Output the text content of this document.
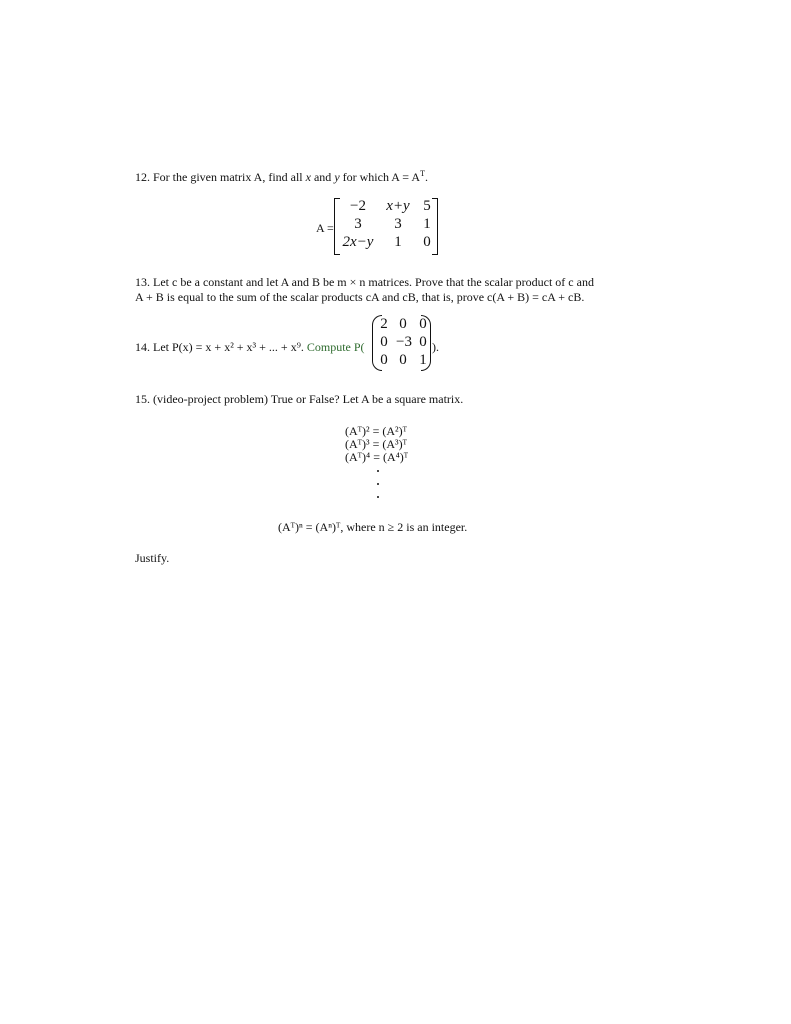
12. For the given matrix A, find all x and y for which $A = A^T$.
A =
−2	x+y 5
3	3	1
2x−y	1	0
13. Let c be a constant and let A and B be m × n matrices. Prove that the scalar product of c and
A + B is equal to the sum of the scalar products cA and cB, that is, prove c(A + B) = cA + cB.
14. Let P(x) = x + x² + x³ + ... + x⁹. Compute P(
2 0 0
0 −3 0
0 0 1
).
15. (video-project problem) True or False? Let A be a square matrix.
(Aᵀ)² = (A²)ᵀ
(Aᵀ)³ = (A³)ᵀ
(Aᵀ)⁴ = (A⁴)ᵀ
(Aᵀ)ⁿ = (Aⁿ)ᵀ, where n ≥ 2 is an integer.
Justify.
